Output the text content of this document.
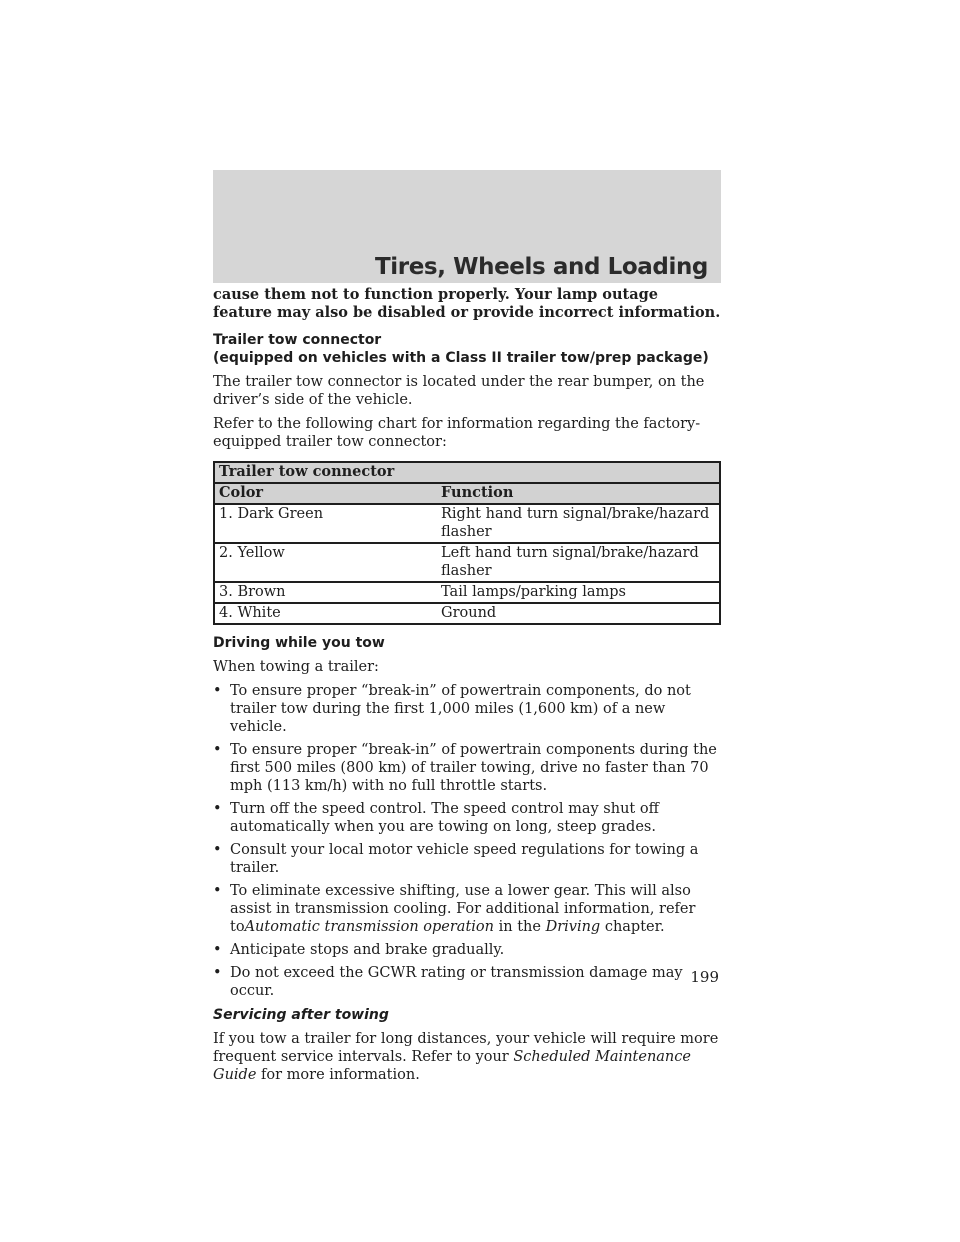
Tires, Wheels and Loading

cause them not to function properly. Your lamp outage feature may also be disabled or provide incorrect information.

Trailer tow connector
(equipped on vehicles with a Class II trailer tow/prep package)

The trailer tow connector is located under the rear bumper, on the driver’s side of the vehicle.

Refer to the following chart for information regarding the factory-equipped trailer tow connector:

Trailer tow connector	
Color	Function
1. Dark Green	Right hand turn signal/brake/hazard flasher
2. Yellow	Left hand turn signal/brake/hazard flasher
3. Brown	Tail lamps/parking lamps
4. White	Ground

Driving while you tow

When towing a trailer:

• To ensure proper “break-in” of powertrain components, do not trailer tow during the first 1,000 miles (1,600 km) of a new vehicle.
• To ensure proper “break-in” of powertrain components during the first 500 miles (800 km) of trailer towing, drive no faster than 70 mph (113 km/h) with no full throttle starts.
• Turn off the speed control. The speed control may shut off automatically when you are towing on long, steep grades.
• Consult your local motor vehicle speed regulations for towing a trailer.
• To eliminate excessive shifting, use a lower gear. This will also assist in transmission cooling. For additional information, refer toAutomatic transmission operation in the Driving chapter.
• Anticipate stops and brake gradually.
• Do not exceed the GCWR rating or transmission damage may occur.

Servicing after towing

If you tow a trailer for long distances, your vehicle will require more frequent service intervals. Refer to your Scheduled Maintenance Guide for more information.

199
